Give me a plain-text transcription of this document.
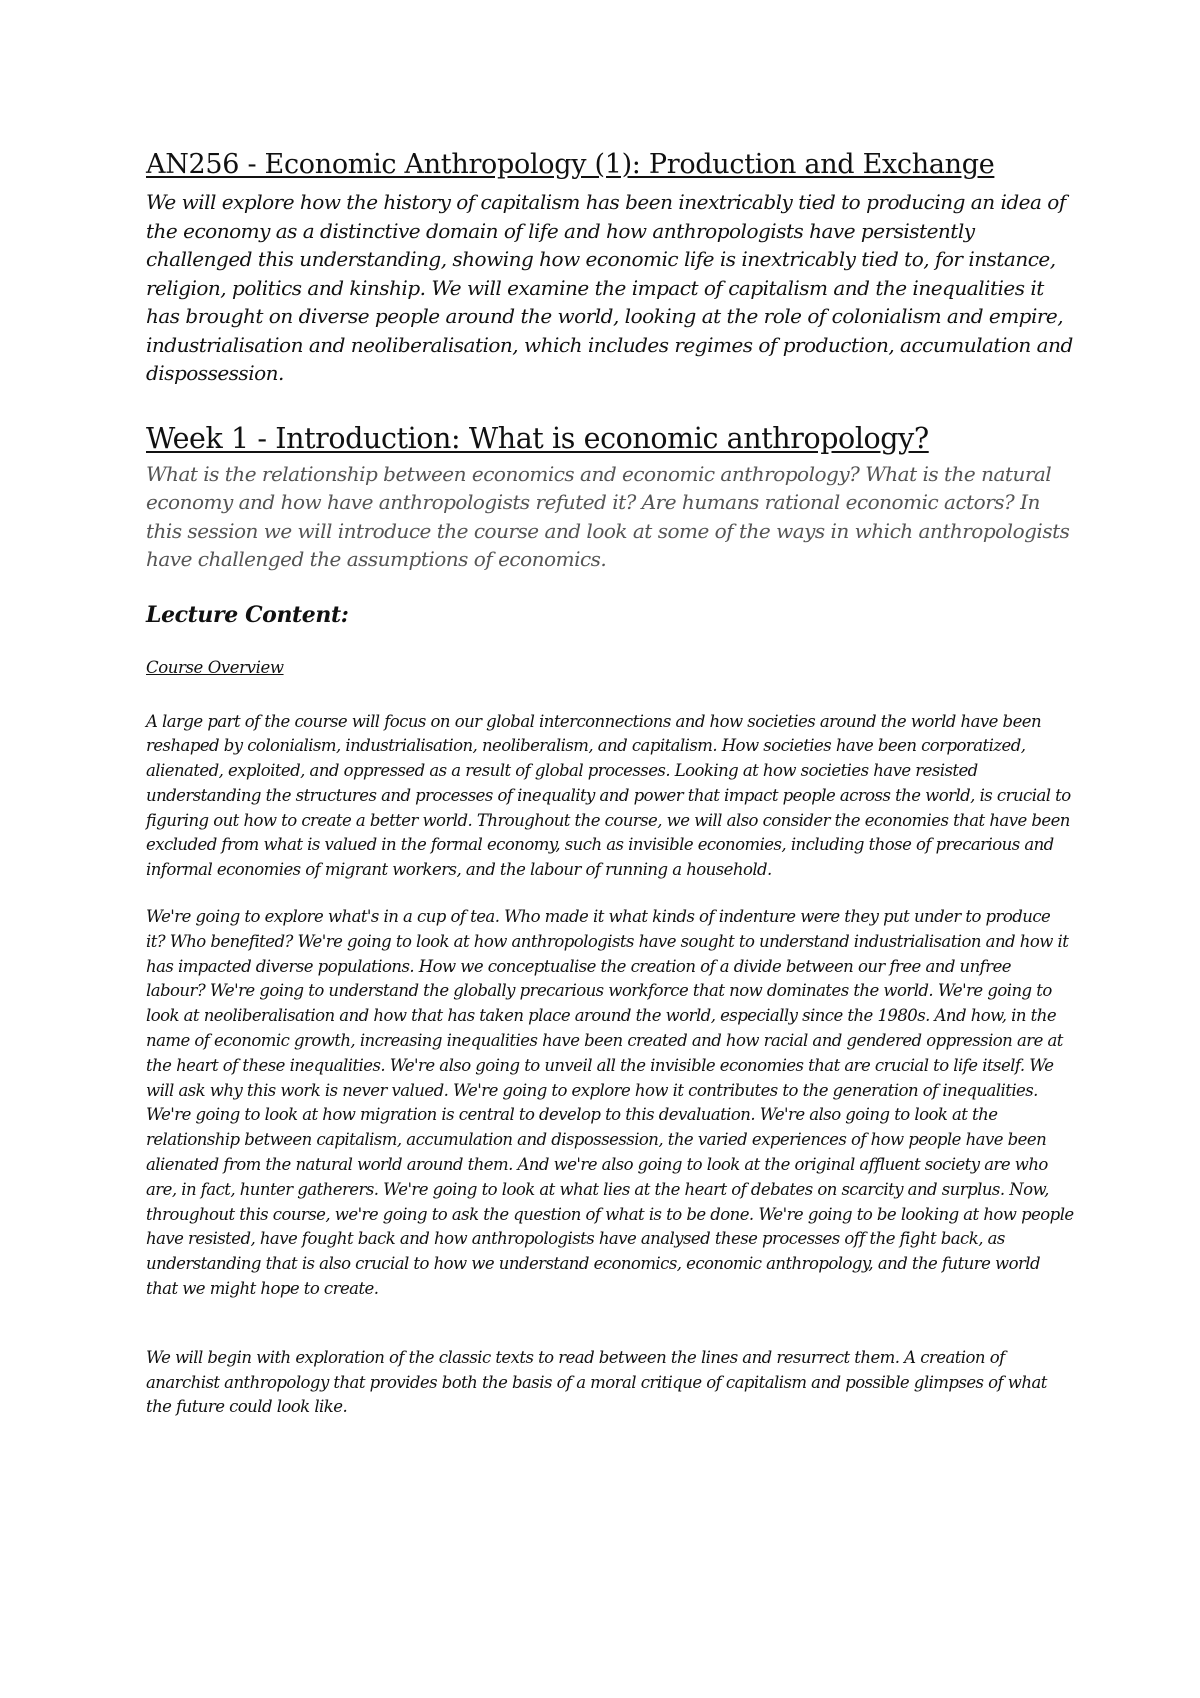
AN256 - Economic Anthropology (1): Production and Exchange

We will explore how the history of capitalism has been inextricably tied to producing an idea of the economy as a distinctive domain of life and how anthropologists have persistently challenged this understanding, showing how economic life is inextricably tied to, for instance, religion, politics and kinship. We will examine the impact of capitalism and the inequalities it has brought on diverse people around the world, looking at the role of colonialism and empire, industrialisation and neoliberalisation, which includes regimes of production, accumulation and dispossession.

Week 1 - Introduction: What is economic anthropology?

What is the relationship between economics and economic anthropology? What is the natural economy and how have anthropologists refuted it? Are humans rational economic actors? In this session we will introduce the course and look at some of the ways in which anthropologists have challenged the assumptions of economics.

Lecture Content:

Course Overview

A large part of the course will focus on our global interconnections and how societies around the world have been reshaped by colonialism, industrialisation, neoliberalism, and capitalism. How societies have been corporatized, alienated, exploited, and oppressed as a result of global processes. Looking at how societies have resisted understanding the structures and processes of inequality and power that impact people across the world, is crucial to figuring out how to create a better world. Throughout the course, we will also consider the economies that have been excluded from what is valued in the formal economy, such as invisible economies, including those of precarious and informal economies of migrant workers, and the labour of running a household.

We're going to explore what's in a cup of tea. Who made it what kinds of indenture were they put under to produce it? Who benefited? We're going to look at how anthropologists have sought to understand industrialisation and how it has impacted diverse populations. How we conceptualise the creation of a divide between our free and unfree labour? We're going to understand the globally precarious workforce that now dominates the world. We're going to look at neoliberalisation and how that has taken place around the world, especially since the 1980s. And how, in the name of economic growth, increasing inequalities have been created and how racial and gendered oppression are at the heart of these inequalities. We're also going to unveil all the invisible economies that are crucial to life itself. We will ask why this work is never valued. We're going to explore how it contributes to the generation of inequalities. We're going to look at how migration is central to develop to this devaluation. We're also going to look at the relationship between capitalism, accumulation and dispossession, the varied experiences of how people have been alienated from the natural world around them. And we're also going to look at the original affluent society are who are, in fact, hunter gatherers. We're going to look at what lies at the heart of debates on scarcity and surplus. Now, throughout this course, we're going to ask the question of what is to be done. We're going to be looking at how people have resisted, have fought back and how anthropologists have analysed these processes off the fight back, as understanding that is also crucial to how we understand economics, economic anthropology, and the future world that we might hope to create.

We will begin with exploration of the classic texts to read between the lines and resurrect them. A creation of anarchist anthropology that provides both the basis of a moral critique of capitalism and possible glimpses of what the future could look like.
